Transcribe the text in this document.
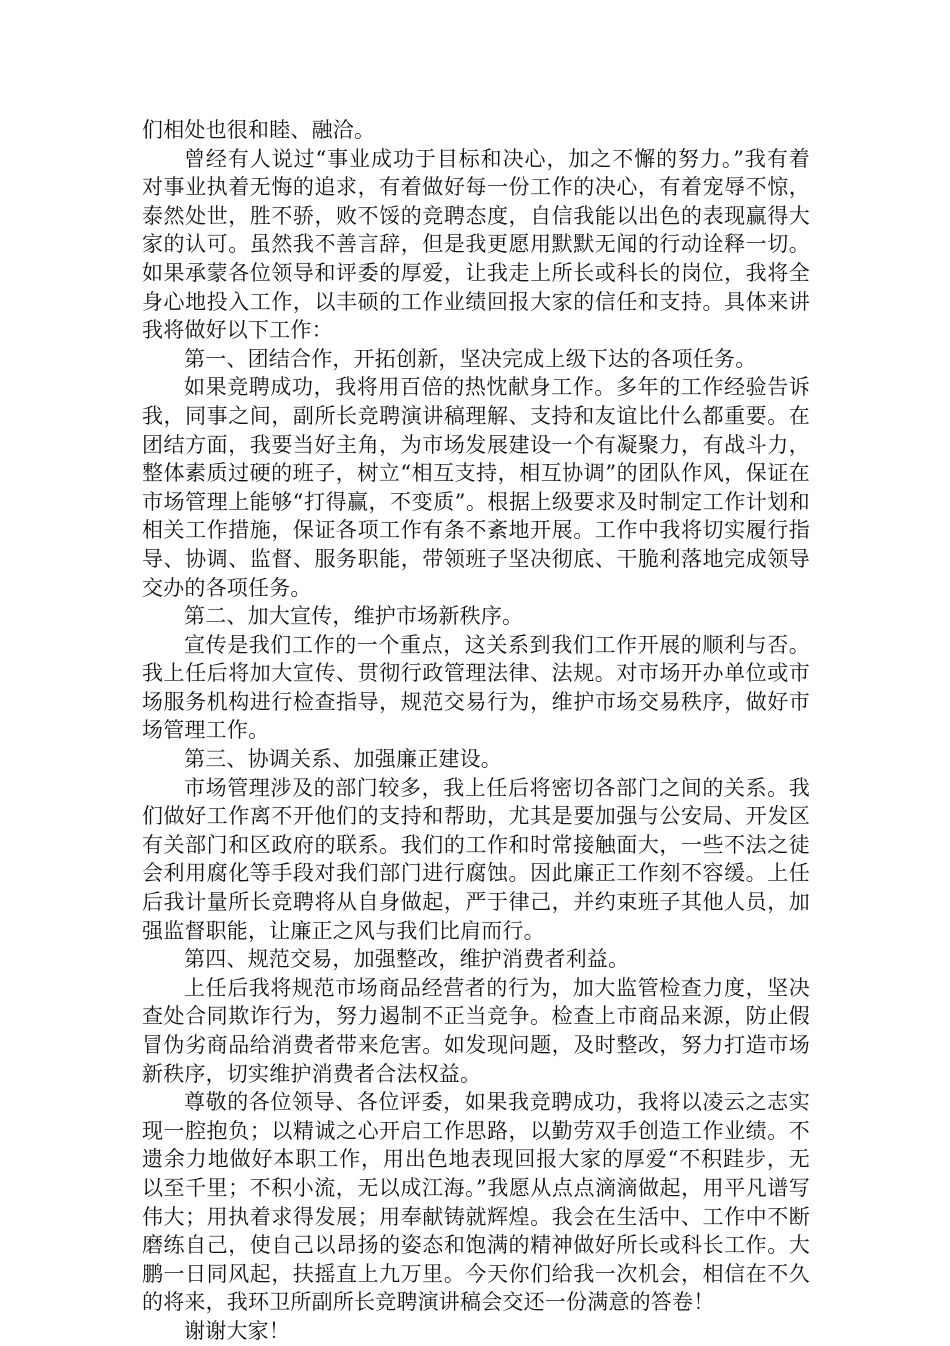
们相处也很和睦、融洽。

曾经有人说过“事业成功于目标和决心，加之不懈的努力。”我有着对事业执着无悔的追求，有着做好每一份工作的决心，有着宠辱不惊，泰然处世，胜不骄，败不馁的竞聘态度，自信我能以出色的表现赢得大家的认可。虽然我不善言辞，但是我更愿用默默无闻的行动诠释一切。如果承蒙各位领导和评委的厚爱，让我走上所长或科长的岗位，我将全身心地投入工作，以丰硕的工作业绩回报大家的信任和支持。具体来讲我将做好以下工作：

第一、团结合作，开拓创新，坚决完成上级下达的各项任务。

如果竞聘成功，我将用百倍的热忱献身工作。多年的工作经验告诉我，同事之间，副所长竞聘演讲稿理解、支持和友谊比什么都重要。在团结方面，我要当好主角，为市场发展建设一个有凝聚力，有战斗力，整体素质过硬的班子，树立“相互支持，相互协调”的团队作风，保证在市场管理上能够“打得赢，不变质”。根据上级要求及时制定工作计划和相关工作措施，保证各项工作有条不紊地开展。工作中我将切实履行指导、协调、监督、服务职能，带领班子坚决彻底、干脆利落地完成领导交办的各项任务。

第二、加大宣传，维护市场新秩序。

宣传是我们工作的一个重点，这关系到我们工作开展的顺利与否。我上任后将加大宣传、贯彻行政管理法律、法规。对市场开办单位或市场服务机构进行检查指导，规范交易行为，维护市场交易秩序，做好市场管理工作。

第三、协调关系、加强廉正建设。

市场管理涉及的部门较多，我上任后将密切各部门之间的关系。我们做好工作离不开他们的支持和帮助，尤其是要加强与公安局、开发区有关部门和区政府的联系。我们的工作和时常接触面大，一些不法之徒会利用腐化等手段对我们部门进行腐蚀。因此廉正工作刻不容缓。上任后我计量所长竞聘将从自身做起，严于律己，并约束班子其他人员，加强监督职能，让廉正之风与我们比肩而行。

第四、规范交易，加强整改，维护消费者利益。

上任后我将规范市场商品经营者的行为，加大监管检查力度，坚决查处合同欺诈行为，努力遏制不正当竞争。检查上市商品来源，防止假冒伪劣商品给消费者带来危害。如发现问题，及时整改，努力打造市场新秩序，切实维护消费者合法权益。

尊敬的各位领导、各位评委，如果我竞聘成功，我将以凌云之志实现一腔抱负；以精诚之心开启工作思路，以勤劳双手创造工作业绩。不遗余力地做好本职工作，用出色地表现回报大家的厚爱“不积跬步，无以至千里；不积小流，无以成江海。”我愿从点点滴滴做起，用平凡谱写伟大；用执着求得发展；用奉献铸就辉煌。我会在生活中、工作中不断磨练自己，使自己以昂扬的姿态和饱满的精神做好所长或科长工作。大鹏一日同风起，扶摇直上九万里。今天你们给我一次机会，相信在不久的将来，我环卫所副所长竞聘演讲稿会交还一份满意的答卷！

谢谢大家！
